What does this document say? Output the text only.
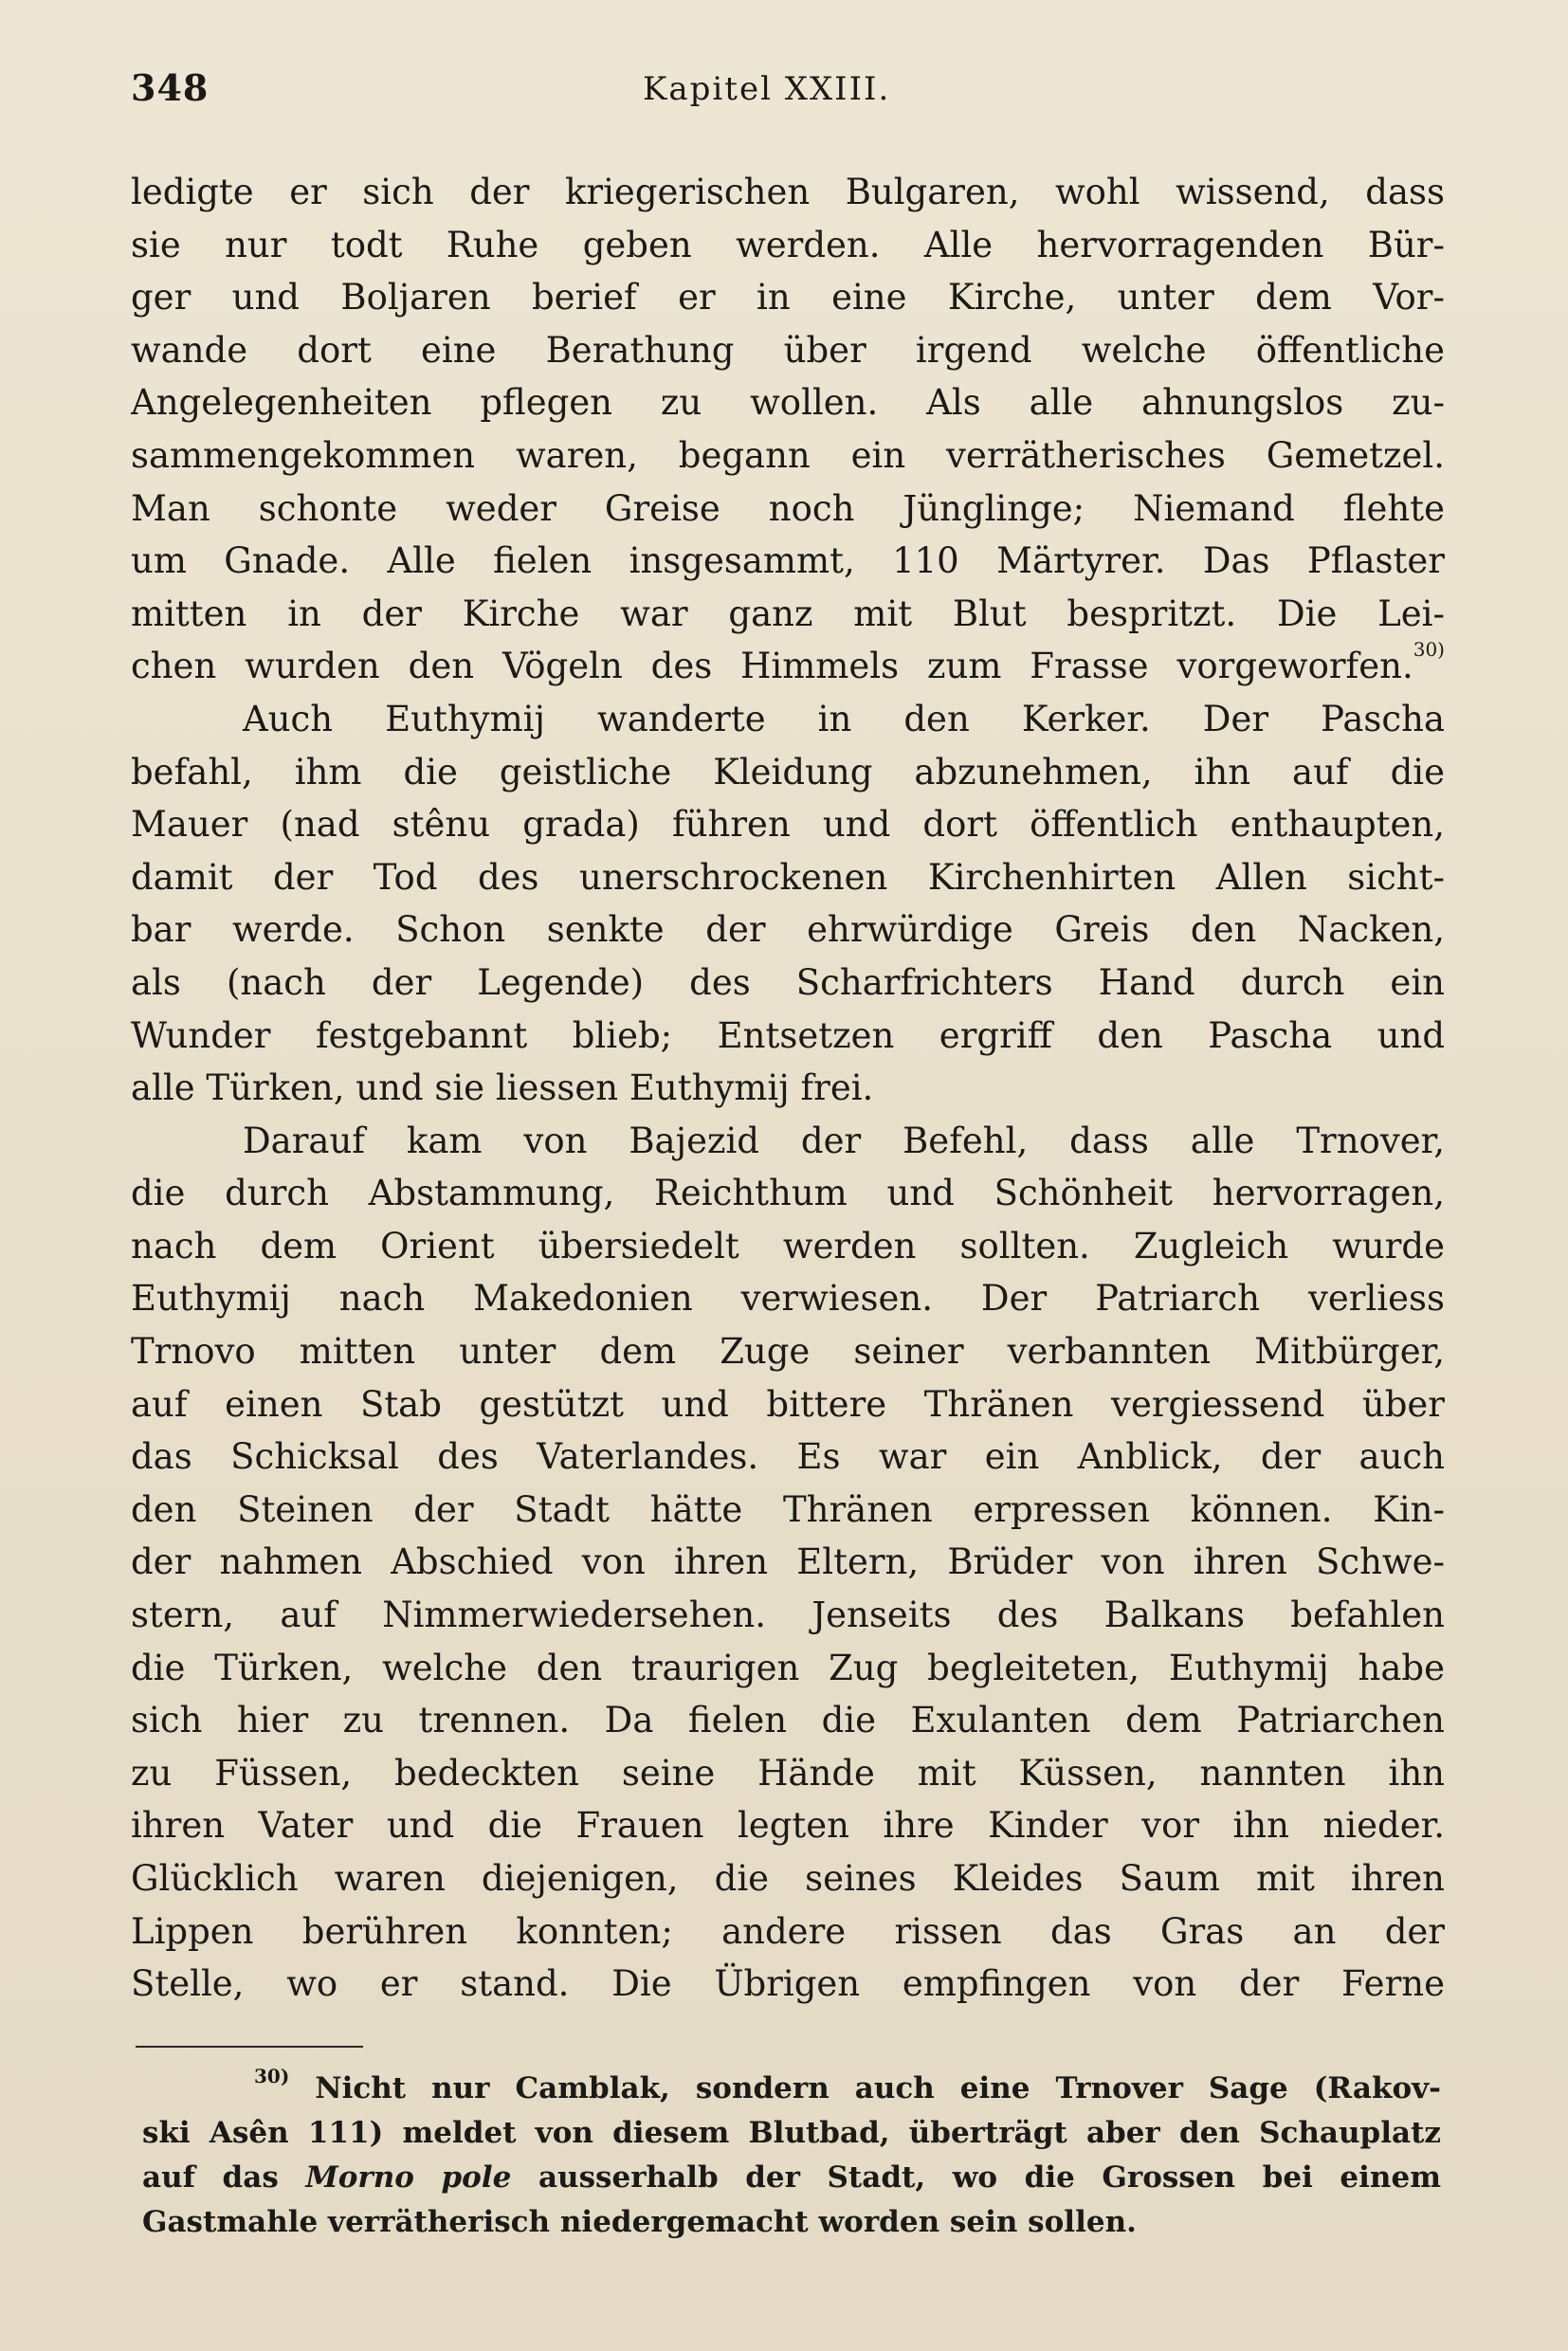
348	Kapitel XXIII.
ledigte er sich der kriegerischen Bulgaren, wohl wissend, dass
sie nur todt Ruhe geben werden. Alle hervorragenden Bür-
ger und Boljaren berief er in eine Kirche, unter dem Vor-
wande dort eine Berathung über irgend welche öffentliche
Angelegenheiten pflegen zu wollen. Als alle ahnungslos zu-
sammengekommen waren, begann ein verrätherisches Gemetzel.
Man schonte weder Greise noch Jünglinge; Niemand flehte
um Gnade. Alle fielen insgesammt, 110 Märtyrer. Das Pflaster
mitten in der Kirche war ganz mit Blut bespritzt. Die Lei-
chen wurden den Vögeln des Himmels zum Frasse vorgeworfen.$^{30)}$
Auch Euthymij wanderte in den Kerker. Der Pascha
befahl, ihm die geistliche Kleidung abzunehmen, ihn auf die
Mauer (nad stênu grada) führen und dort öffentlich enthaupten,
damit der Tod des unerschrockenen Kirchenhirten Allen sicht-
bar werde. Schon senkte der ehrwürdige Greis den Nacken,
als (nach der Legende) des Scharfrichters Hand durch ein
Wunder festgebannt blieb; Entsetzen ergriff den Pascha und
alle Türken, und sie liessen Euthymij frei.
Darauf kam von Bajezid der Befehl, dass alle Trnover,
die durch Abstammung, Reichthum und Schönheit hervorragen,
nach dem Orient übersiedelt werden sollten. Zugleich wurde
Euthymij nach Makedonien verwiesen. Der Patriarch verliess
Trnovo mitten unter dem Zuge seiner verbannten Mitbürger,
auf einen Stab gestützt und bittere Thränen vergiessend über
das Schicksal des Vaterlandes. Es war ein Anblick, der auch
den Steinen der Stadt hätte Thränen erpressen können. Kin-
der nahmen Abschied von ihren Eltern, Brüder von ihren Schwe-
stern, auf Nimmerwiedersehen. Jenseits des Balkans befahlen
die Türken, welche den traurigen Zug begleiteten, Euthymij habe
sich hier zu trennen. Da fielen die Exulanten dem Patriarchen
zu Füssen, bedeckten seine Hände mit Küssen, nannten ihn
ihren Vater und die Frauen legten ihre Kinder vor ihn nieder.
Glücklich waren diejenigen, die seines Kleides Saum mit ihren
Lippen berühren konnten; andere rissen das Gras an der
Stelle, wo er stand. Die Übrigen empfingen von der Ferne
$^{30)}$ Nicht nur Camblak, sondern auch eine Trnover Sage (Rakov-
ski Asên 111) meldet von diesem Blutbad, überträgt aber den Schauplatz
auf das Morno pole ausserhalb der Stadt, wo die Grossen bei einem
Gastmahle verrätherisch niedergemacht worden sein sollen.
